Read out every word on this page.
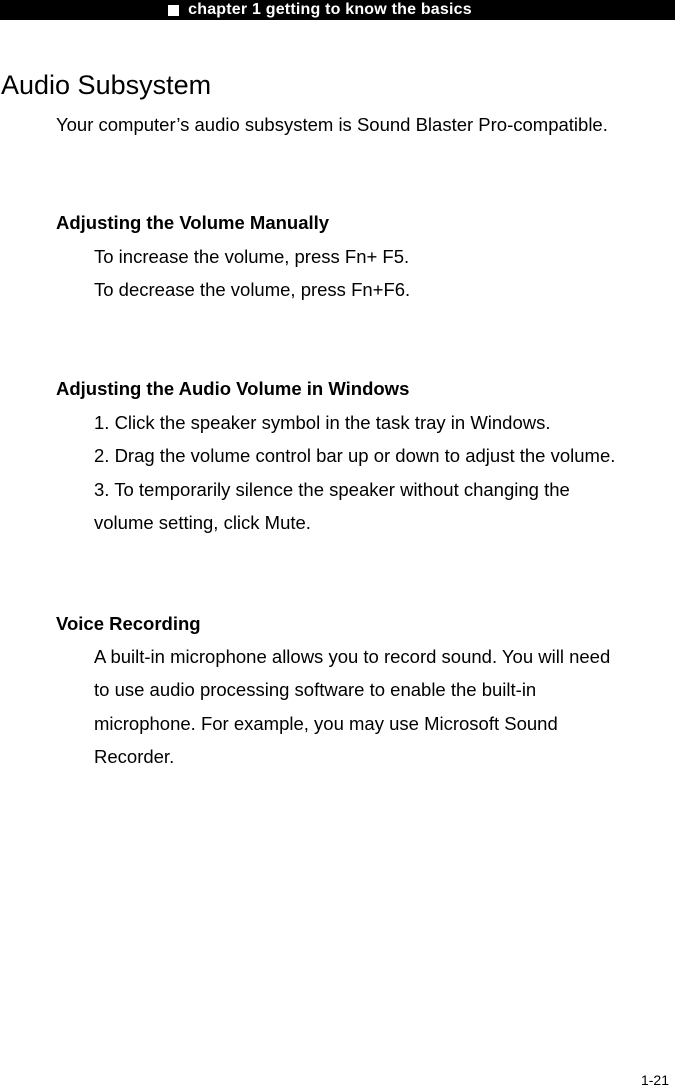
chapter 1 getting to know the basics
Audio Subsystem

Your computer’s audio subsystem is Sound Blaster Pro-compatible.

Adjusting the Volume Manually
To increase the volume, press Fn+ F5.
To decrease the volume, press Fn+F6.
Adjusting the Audio Volume in Windows
1. Click the speaker symbol in the task tray in Windows.
2. Drag the volume control bar up or down to adjust the volume.
3. To temporarily silence the speaker without changing the
volume setting, click Mute.
Voice Recording
A built-in microphone allows you to record sound. You will need
to use audio processing software to enable the built-in
microphone. For example, you may use Microsoft Sound
Recorder.
1-21
